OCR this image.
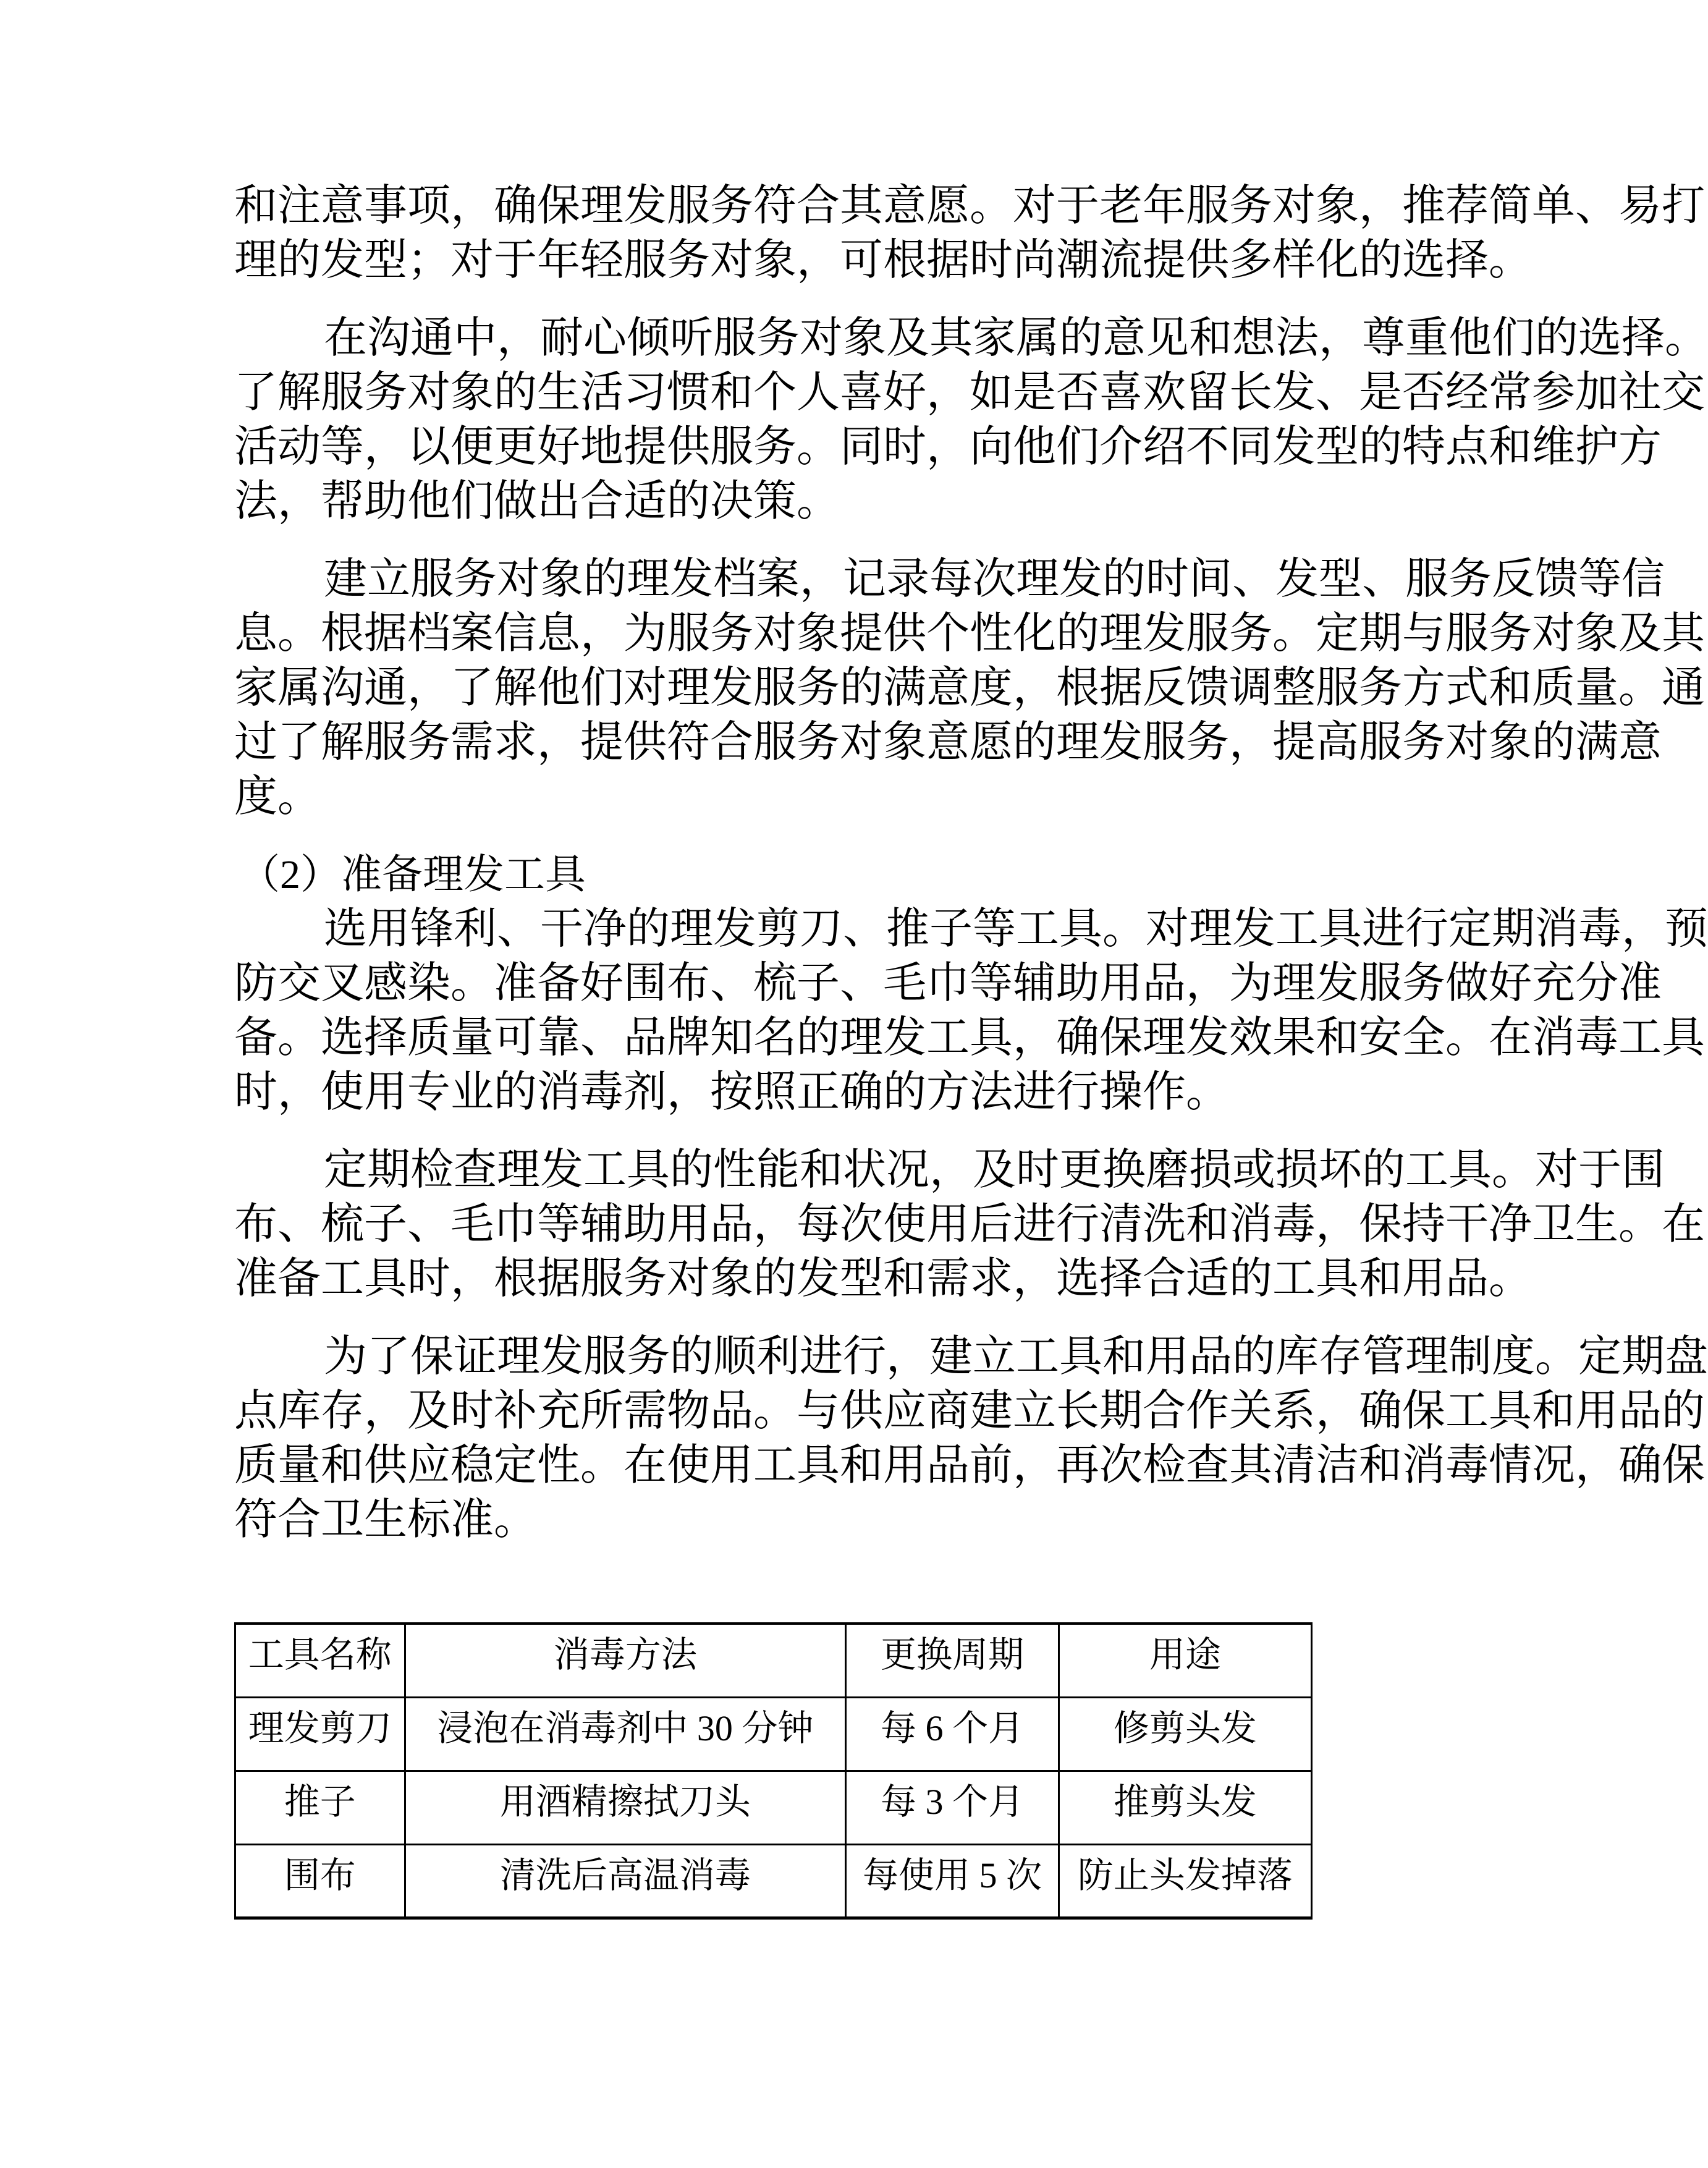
和注意事项，确保理发服务符合其意愿。对于老年服务对象，推荐简单、易打
理的发型；对于年轻服务对象，可根据时尚潮流提供多样化的选择。
在沟通中，耐心倾听服务对象及其家属的意见和想法，尊重他们的选择。
了解服务对象的生活习惯和个人喜好，如是否喜欢留长发、是否经常参加社交
活动等，以便更好地提供服务。同时，向他们介绍不同发型的特点和维护方
法，帮助他们做出合适的决策。
建立服务对象的理发档案，记录每次理发的时间、发型、服务反馈等信
息。根据档案信息，为服务对象提供个性化的理发服务。定期与服务对象及其
家属沟通，了解他们对理发服务的满意度，根据反馈调整服务方式和质量。通
过了解服务需求，提供符合服务对象意愿的理发服务，提高服务对象的满意
度。
（2）准备理发工具
选用锋利、干净的理发剪刀、推子等工具。对理发工具进行定期消毒，预
防交叉感染。准备好围布、梳子、毛巾等辅助用品，为理发服务做好充分准
备。选择质量可靠、品牌知名的理发工具，确保理发效果和安全。在消毒工具
时，使用专业的消毒剂，按照正确的方法进行操作。
定期检查理发工具的性能和状况，及时更换磨损或损坏的工具。对于围
布、梳子、毛巾等辅助用品，每次使用后进行清洗和消毒，保持干净卫生。在
准备工具时，根据服务对象的发型和需求，选择合适的工具和用品。
为了保证理发服务的顺利进行，建立工具和用品的库存管理制度。定期盘
点库存，及时补充所需物品。与供应商建立长期合作关系，确保工具和用品的
质量和供应稳定性。在使用工具和用品前，再次检查其清洁和消毒情况，确保
符合卫生标准。
工具名称	消毒方法	更换周期	用途
理发剪刀	浸泡在消毒剂中 30 分钟	每 6 个月	修剪头发
推子	用酒精擦拭刀头	每 3 个月	推剪头发
围布	清洗后高温消毒	每使用 5 次	防止头发掉落
